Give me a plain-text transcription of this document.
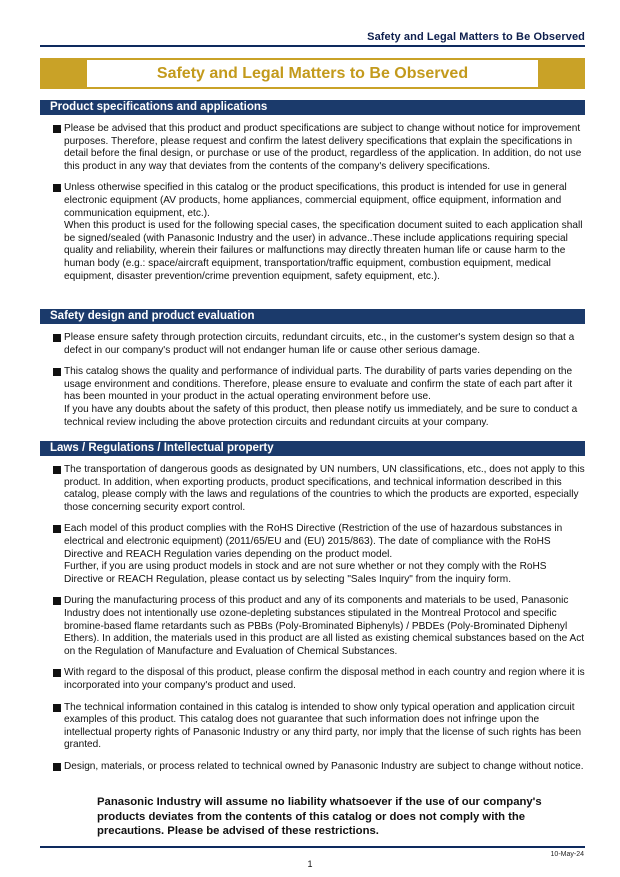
Safety and Legal Matters to Be Observed
Safety and Legal Matters to Be Observed
Product specifications and applications

Please be advised that this product and product specifications are subject to change without notice for improvement purposes. Therefore, please request and confirm the latest delivery specifications that explain the specifications in detail before the final design, or purchase or use of the product, regardless of the application. In addition, do not use this product in any way that deviates from the contents of the company's delivery specifications.

Unless otherwise specified in this catalog or the product specifications, this product is intended for use in general electronic equipment (AV products, home appliances, commercial equipment, office equipment, information and communication equipment, etc.).

When this product is used for the following special cases, the specification document suited to each application shall be signed/sealed (with Panasonic Industry and the user) in advance..These include applications requiring special quality and reliability, wherein their failures or malfunctions may directly threaten human life or cause harm to the human body (e.g.: space/aircraft equipment, transportation/traffic equipment, combustion equipment, medical equipment, disaster prevention/crime prevention equipment, safety equipment, etc.).

Safety design and product evaluation

Please ensure safety through protection circuits, redundant circuits, etc., in the customer's system design so that a defect in our company's product will not endanger human life or cause other serious damage.

This catalog shows the quality and performance of individual parts. The durability of parts varies depending on the usage environment and conditions. Therefore, please ensure to evaluate and confirm the state of each part after it has been mounted in your product in the actual operating environment before use.

If you have any doubts about the safety of this product, then please notify us immediately, and be sure to conduct a technical review including the above protection circuits and redundant circuits at your company.

Laws / Regulations / Intellectual property

The transportation of dangerous goods as designated by UN numbers, UN classifications, etc., does not apply to this product. In addition, when exporting products, product specifications, and technical information described in this catalog, please comply with the laws and regulations of the countries to which the products are exported, especially those concerning security export control.

Each model of this product complies with the RoHS Directive (Restriction of the use of hazardous substances in electrical and electronic equipment) (2011/65/EU and (EU) 2015/863). The date of compliance with the RoHS Directive and REACH Regulation varies depending on the product model.

Further, if you are using product models in stock and are not sure whether or not they comply with the RoHS Directive or REACH Regulation, please contact us by selecting "Sales Inquiry" from the inquiry form.

During the manufacturing process of this product and any of its components and materials to be used, Panasonic Industry does not intentionally use ozone-depleting substances stipulated in the Montreal Protocol and specific bromine-based flame retardants such as PBBs (Poly-Brominated Biphenyls) / PBDEs (Poly-Brominated Diphenyl Ethers). In addition, the materials used in this product are all listed as existing chemical substances based on the Act on the Regulation of Manufacture and Evaluation of Chemical Substances.

With regard to the disposal of this product, please confirm the disposal method in each country and region where it is incorporated into your company's product and used.

The technical information contained in this catalog is intended to show only typical operation and application circuit examples of this product. This catalog does not guarantee that such information does not infringe upon the intellectual property rights of Panasonic Industry or any third party, nor imply that the license of such rights has been granted.

Design, materials, or process related to technical owned by Panasonic Industry are subject to change without notice.

Panasonic Industry will assume no liability whatsoever if the use of our company's products deviates from the contents of this catalog or does not comply with the precautions. Please be advised of these restrictions.
10-May-24
1
